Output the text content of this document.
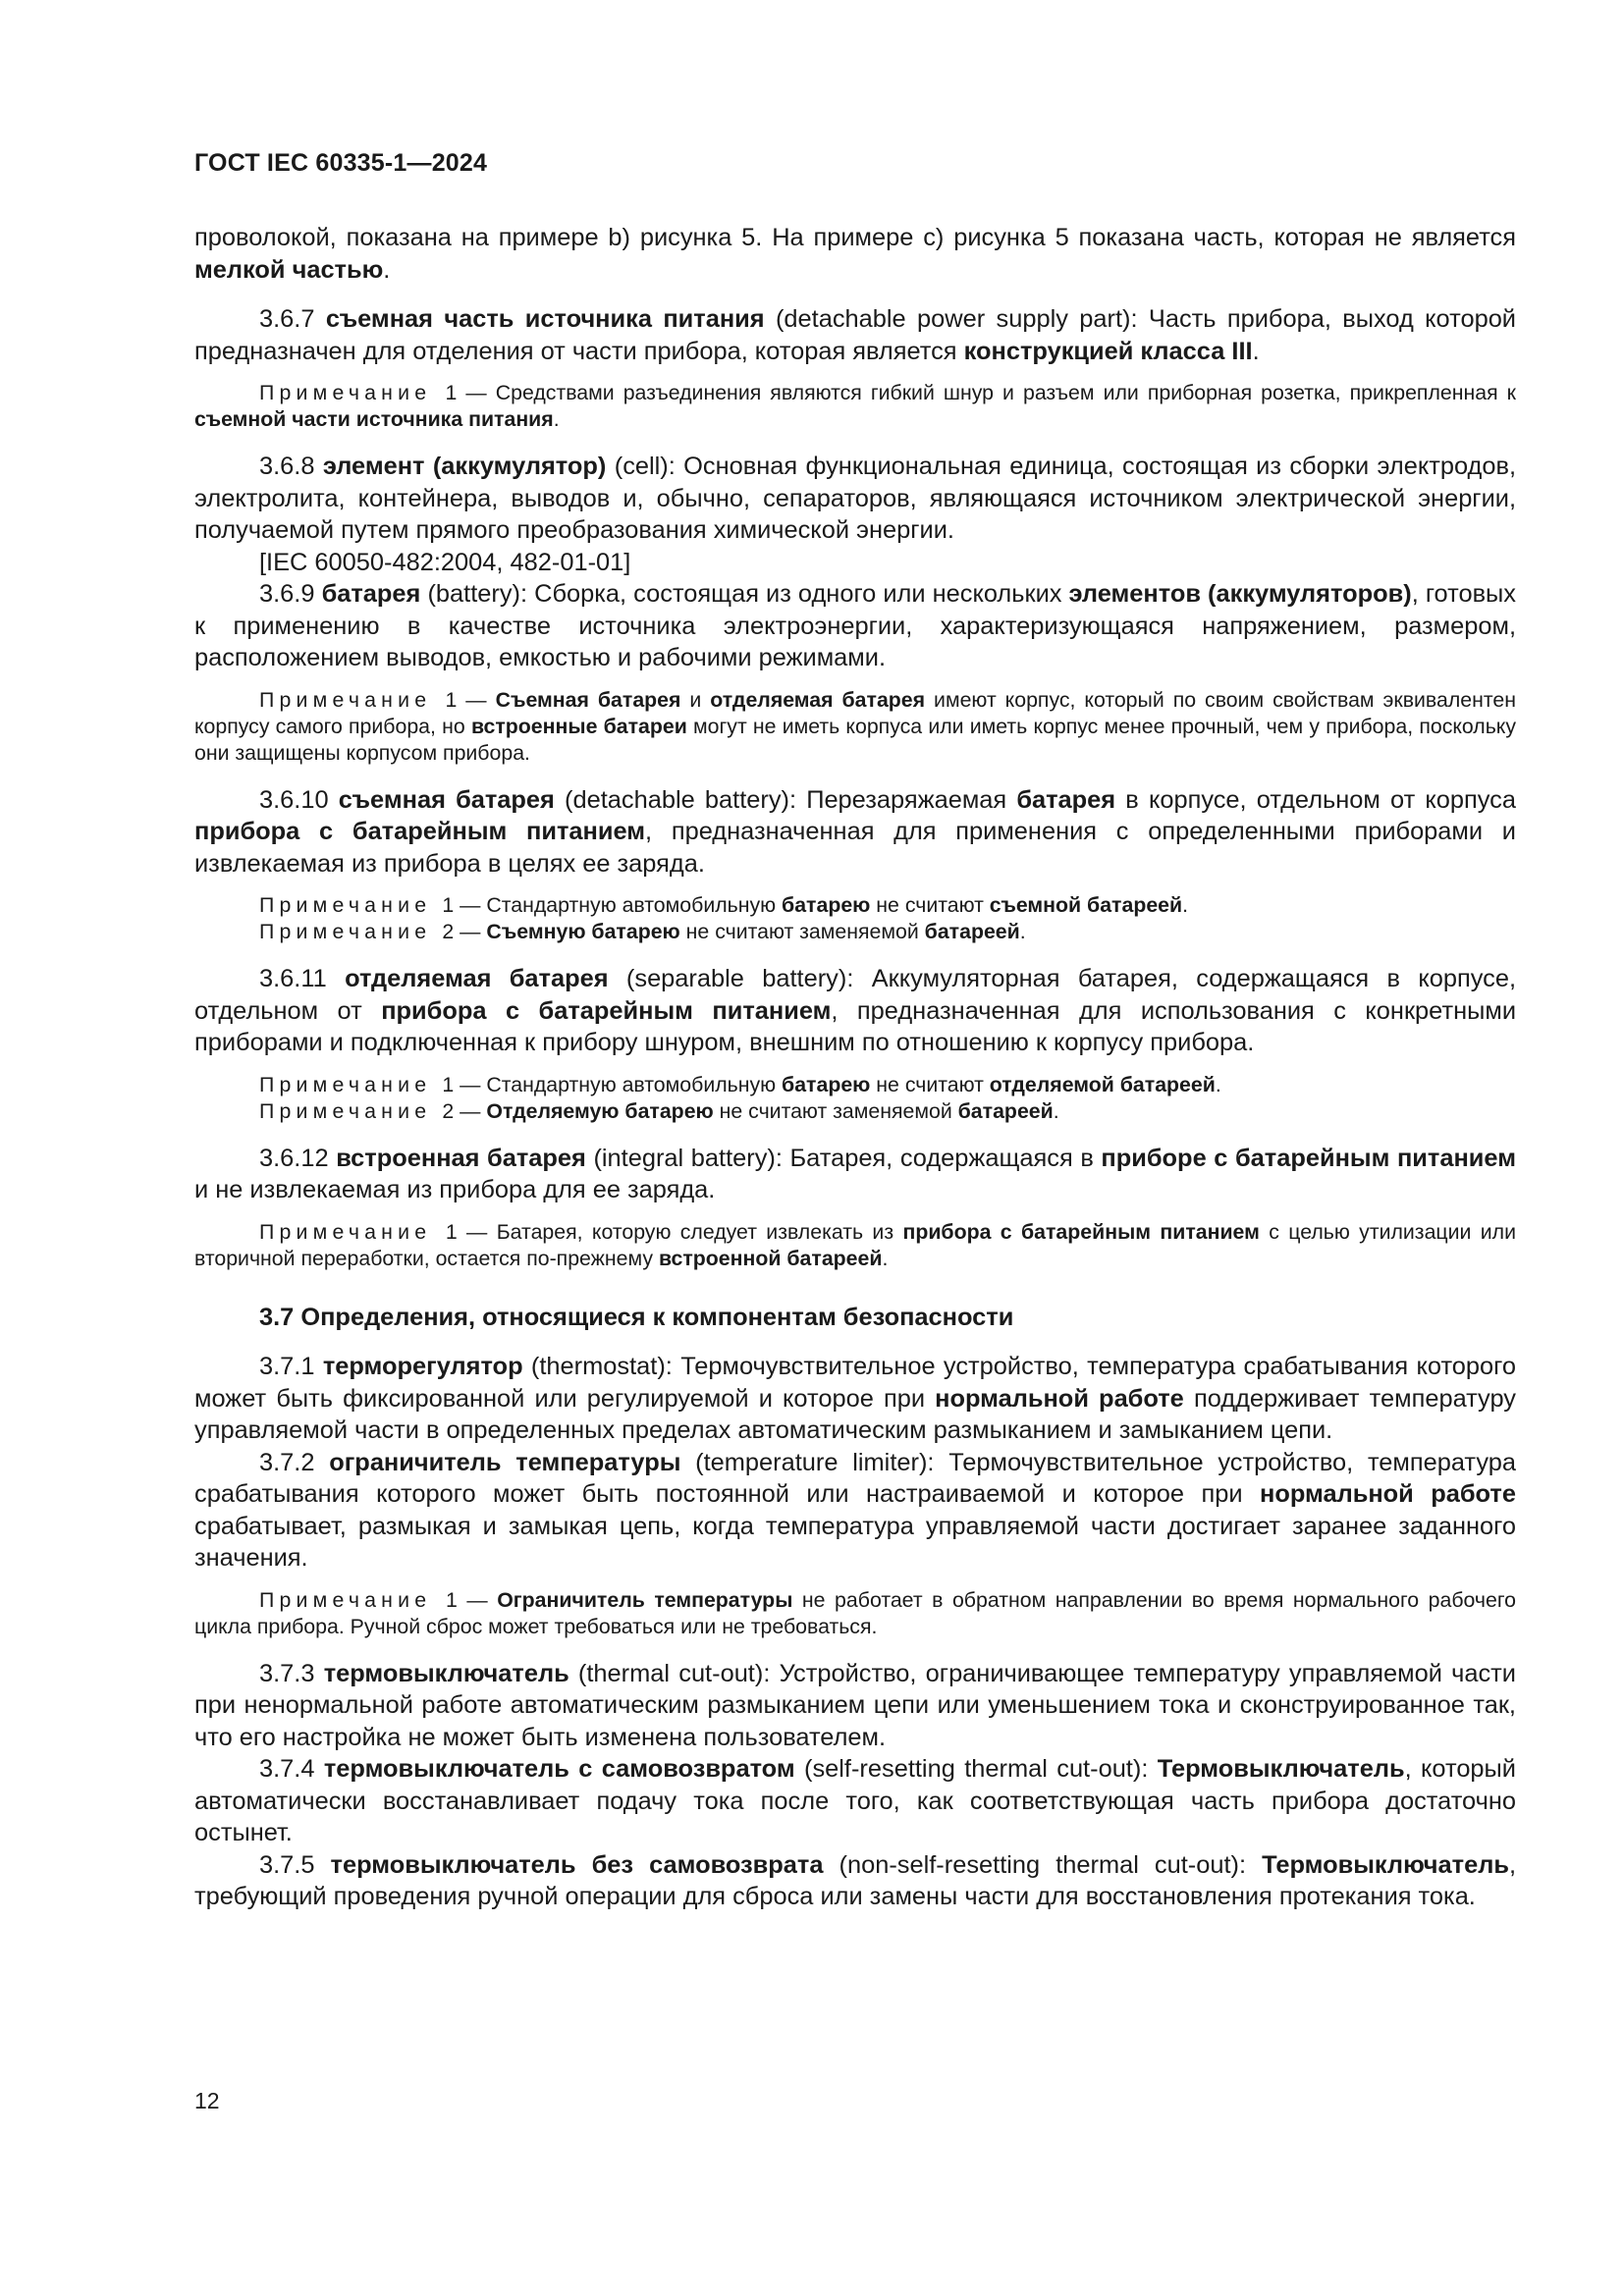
ГОСТ IEC 60335-1—2024
проволокой, показана на примере b) рисунка 5. На примере c) рисунка 5 показана часть, которая не является мелкой частью.
3.6.7 съемная часть источника питания (detachable power supply part): Часть прибора, выход которой предназначен для отделения от части прибора, которая является конструкцией класса III.
Примечание 1 — Средствами разъединения являются гибкий шнур и разъем или приборная розетка, прикрепленная к съемной части источника питания.
3.6.8 элемент (аккумулятор) (cell): Основная функциональная единица, состоящая из сборки электродов, электролита, контейнера, выводов и, обычно, сепараторов, являющаяся источником электрической энергии, получаемой путем прямого преобразования химической энергии.
[IEC 60050-482:2004, 482-01-01]
3.6.9 батарея (battery): Сборка, состоящая из одного или нескольких элементов (аккумуляторов), готовых к применению в качестве источника электроэнергии, характеризующаяся напряжением, размером, расположением выводов, емкостью и рабочими режимами.
Примечание 1 — Съемная батарея и отделяемая батарея имеют корпус, который по своим свойствам эквивалентен корпусу самого прибора, но встроенные батареи могут не иметь корпуса или иметь корпус менее прочный, чем у прибора, поскольку они защищены корпусом прибора.
3.6.10 съемная батарея (detachable battery): Перезаряжаемая батарея в корпусе, отдельном от корпуса прибора с батарейным питанием, предназначенная для применения с определенными приборами и извлекаемая из прибора в целях ее заряда.
Примечание 1 — Стандартную автомобильную батарею не считают съемной батареей.
Примечание 2 — Съемную батарею не считают заменяемой батареей.
3.6.11 отделяемая батарея (separable battery): Аккумуляторная батарея, содержащаяся в корпусе, отдельном от прибора с батарейным питанием, предназначенная для использования с конкретными приборами и подключенная к прибору шнуром, внешним по отношению к корпусу прибора.
Примечание 1 — Стандартную автомобильную батарею не считают отделяемой батареей.
Примечание 2 — Отделяемую батарею не считают заменяемой батареей.
3.6.12 встроенная батарея (integral battery): Батарея, содержащаяся в приборе с батарейным питанием и не извлекаемая из прибора для ее заряда.
Примечание 1 — Батарея, которую следует извлекать из прибора с батарейным питанием с целью утилизации или вторичной переработки, остается по-прежнему встроенной батареей.
3.7 Определения, относящиеся к компонентам безопасности
3.7.1 терморегулятор (thermostat): Термочувствительное устройство, температура срабатывания которого может быть фиксированной или регулируемой и которое при нормальной работе поддерживает температуру управляемой части в определенных пределах автоматическим размыканием и замыканием цепи.
3.7.2 ограничитель температуры (temperature limiter): Термочувствительное устройство, температура срабатывания которого может быть постоянной или настраиваемой и которое при нормальной работе срабатывает, размыкая и замыкая цепь, когда температура управляемой части достигает заранее заданного значения.
Примечание 1 — Ограничитель температуры не работает в обратном направлении во время нормального рабочего цикла прибора. Ручной сброс может требоваться или не требоваться.
3.7.3 термовыключатель (thermal cut-out): Устройство, ограничивающее температуру управляемой части при ненормальной работе автоматическим размыканием цепи или уменьшением тока и сконструированное так, что его настройка не может быть изменена пользователем.
3.7.4 термовыключатель с самовозвратом (self-resetting thermal cut-out): Термовыключатель, который автоматически восстанавливает подачу тока после того, как соответствующая часть прибора достаточно остынет.
3.7.5 термовыключатель без самовозврата (non-self-resetting thermal cut-out): Термовыключатель, требующий проведения ручной операции для сброса или замены части для восстановления протекания тока.
12
